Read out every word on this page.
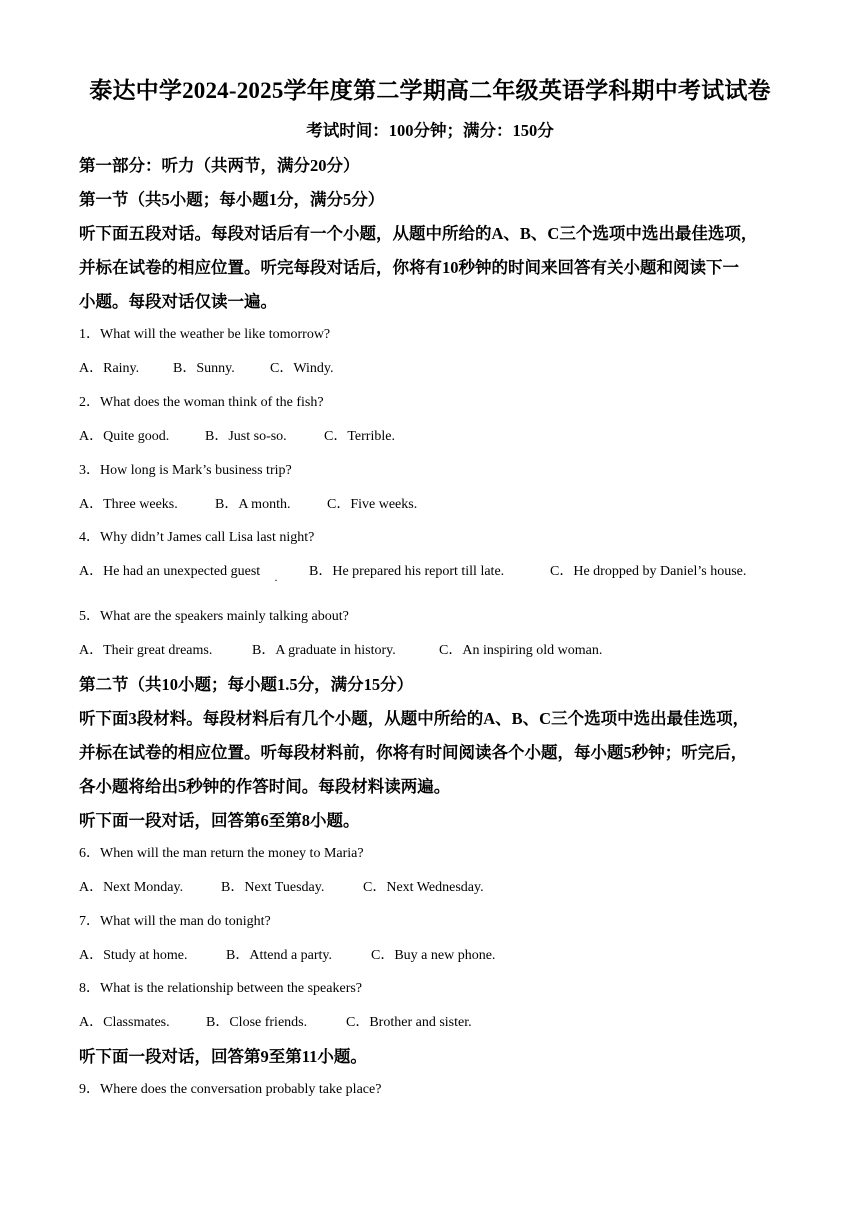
泰达中学2024-2025学年度第二学期高二年级英语学科期中考试试卷
考试时间：100分钟；满分：150分
第一部分：听力（共两节，满分20分）
第一节（共5小题；每小题1分，满分5分）
听下面五段对话。每段对话后有一个小题，从题中所给的A、B、C三个选项中选出最佳选项，
并标在试卷的相应位置。听完每段对话后，你将有10秒钟的时间来回答有关小题和阅读下一
小题。每段对话仅读一遍。
1．What will the weather be like tomorrow?
A．Rainy. B．Sunny.	C．Windy.
2．What does the woman think of the fish?
A．Quite good.	B．Just so-so.	C．Terrible.
3．How long is Mark’s business trip?
A．Three weeks.	B．A month.	C．Five weeks.
4．Why didn’t James call Lisa last night?
A．He had an unexpected guest	B．He prepared his report till late.	C．He dropped by Daniel’s house.
·
5．What are the speakers mainly talking about?
A．Their great dreams.	B．A graduate in history.	C．An inspiring old woman.
第二节（共10小题；每小题1.5分，满分15分）
听下面3段材料。每段材料后有几个小题，从题中所给的A、B、C三个选项中选出最佳选项，
并标在试卷的相应位置。听每段材料前，你将有时间阅读各个小题，每小题5秒钟；听完后，
各小题将给出5秒钟的作答时间。每段材料读两遍。
听下面一段对话，回答第6至第8小题。
6．When will the man return the money to Maria?
A．Next Monday.	B．Next Tuesday.	C．Next Wednesday.
7．What will the man do tonight?
A．Study at home.	B．Attend a party.	C．Buy a new phone.
8．What is the relationship between the speakers?
A．Classmates.	B．Close friends.	C．Brother and sister.
听下面一段对话，回答第9至第11小题。
9．Where does the conversation probably take place?
